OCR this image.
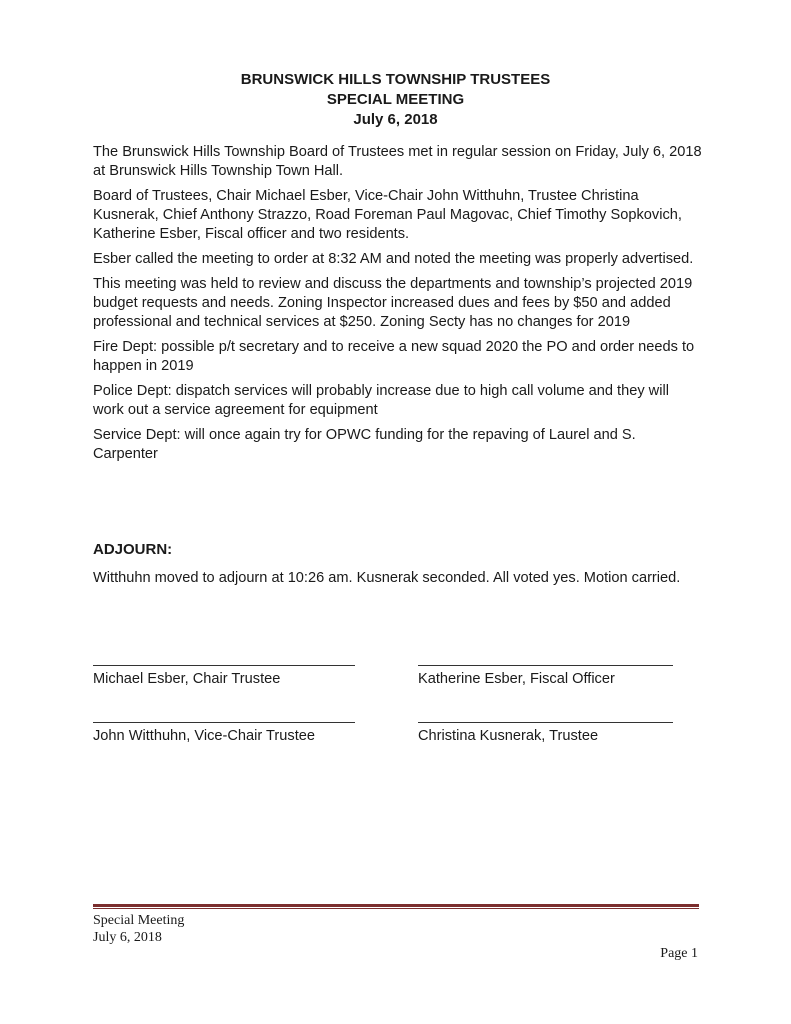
BRUNSWICK HILLS TOWNSHIP TRUSTEES
SPECIAL MEETING
July 6, 2018

The Brunswick Hills Township Board of Trustees met in regular session on Friday, July 6, 2018 at Brunswick Hills Township Town Hall.

Board of Trustees, Chair Michael Esber, Vice-Chair John Witthuhn, Trustee Christina Kusnerak, Chief Anthony Strazzo, Road Foreman Paul Magovac, Chief Timothy Sopkovich, Katherine Esber, Fiscal officer and two residents.

Esber called the meeting to order at 8:32 AM and noted the meeting was properly advertised.

This meeting was held to review and discuss the departments and township’s projected 2019 budget requests and needs. Zoning Inspector increased dues and fees by $50 and added professional and technical services at $250. Zoning Secty has no changes for 2019

Fire Dept: possible p/t secretary and to receive a new squad 2020 the PO and order needs to happen in 2019

Police Dept: dispatch services will probably increase due to high call volume and they will work out a service agreement for equipment

Service Dept: will once again try for OPWC funding for the repaving of Laurel and S. Carpenter

ADJOURN:
Witthuhn moved to adjourn at 10:26 am. Kusnerak seconded. All voted yes. Motion carried.
Michael Esber, Chair Trustee	Katherine Esber, Fiscal Officer
John Witthuhn, Vice-Chair Trustee	Christina Kusnerak, Trustee
Special Meeting
July 6, 2018
Page 1
